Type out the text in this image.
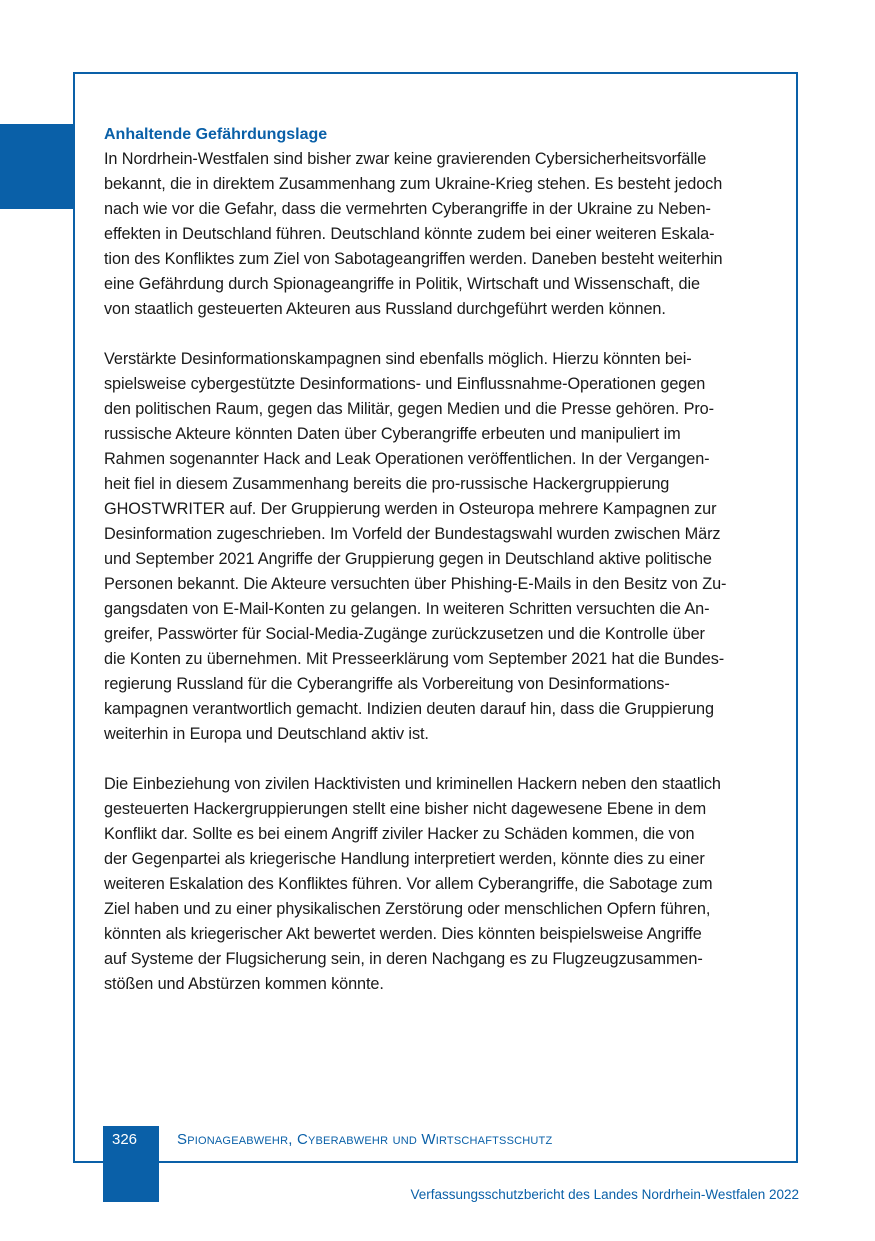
Anhaltende Gefährdungslage

In Nordrhein-Westfalen sind bisher zwar keine gravierenden Cybersicherheitsvorfälle
bekannt, die in direktem Zusammenhang zum Ukraine-Krieg stehen. Es besteht jedoch
nach wie vor die Gefahr, dass die vermehrten Cyberangriffe in der Ukraine zu Neben-
effekten in Deutschland führen. Deutschland könnte zudem bei einer weiteren Eskala-
tion des Konfliktes zum Ziel von Sabotageangriffen werden. Daneben besteht weiterhin
eine Gefährdung durch Spionageangriffe in Politik, Wirtschaft und Wissenschaft, die
von staatlich gesteuerten Akteuren aus Russland durchgeführt werden können.

Verstärkte Desinformationskampagnen sind ebenfalls möglich. Hierzu könnten bei-
spielsweise cybergestützte Desinformations- und Einflussnahme-Operationen gegen
den politischen Raum, gegen das Militär, gegen Medien und die Presse gehören. Pro-
russische Akteure könnten Daten über Cyberangriffe erbeuten und manipuliert im
Rahmen sogenannter Hack and Leak Operationen veröffentlichen. In der Vergangen-
heit fiel in diesem Zusammenhang bereits die pro-russische Hackergruppierung
GHOSTWRITER auf. Der Gruppierung werden in Osteuropa mehrere Kampagnen zur
Desinformation zugeschrieben. Im Vorfeld der Bundestagswahl wurden zwischen März
und September 2021 Angriffe der Gruppierung gegen in Deutschland aktive politische
Personen bekannt. Die Akteure versuchten über Phishing-E-Mails in den Besitz von Zu-
gangsdaten von E-Mail-Konten zu gelangen. In weiteren Schritten versuchten die An-
greifer, Passwörter für Social-Media-Zugänge zurückzusetzen und die Kontrolle über
die Konten zu übernehmen. Mit Presseerklärung vom September 2021 hat die Bundes-
regierung Russland für die Cyberangriffe als Vorbereitung von Desinformations-
kampagnen verantwortlich gemacht. Indizien deuten darauf hin, dass die Gruppierung
weiterhin in Europa und Deutschland aktiv ist.

Die Einbeziehung von zivilen Hacktivisten und kriminellen Hackern neben den staatlich
gesteuerten Hackergruppierungen stellt eine bisher nicht dagewesene Ebene in dem
Konflikt dar. Sollte es bei einem Angriff ziviler Hacker zu Schäden kommen, die von
der Gegenpartei als kriegerische Handlung interpretiert werden, könnte dies zu einer
weiteren Eskalation des Konfliktes führen. Vor allem Cyberangriffe, die Sabotage zum
Ziel haben und zu einer physikalischen Zerstörung oder menschlichen Opfern führen,
könnten als kriegerischer Akt bewertet werden. Dies könnten beispielsweise Angriffe
auf Systeme der Flugsicherung sein, in deren Nachgang es zu Flugzeugzusammen-
stößen und Abstürzen kommen könnte.

326	Spionageabwehr, Cyberabwehr und Wirtschaftsschutz
Verfassungsschutzbericht des Landes Nordrhein-Westfalen 2022
